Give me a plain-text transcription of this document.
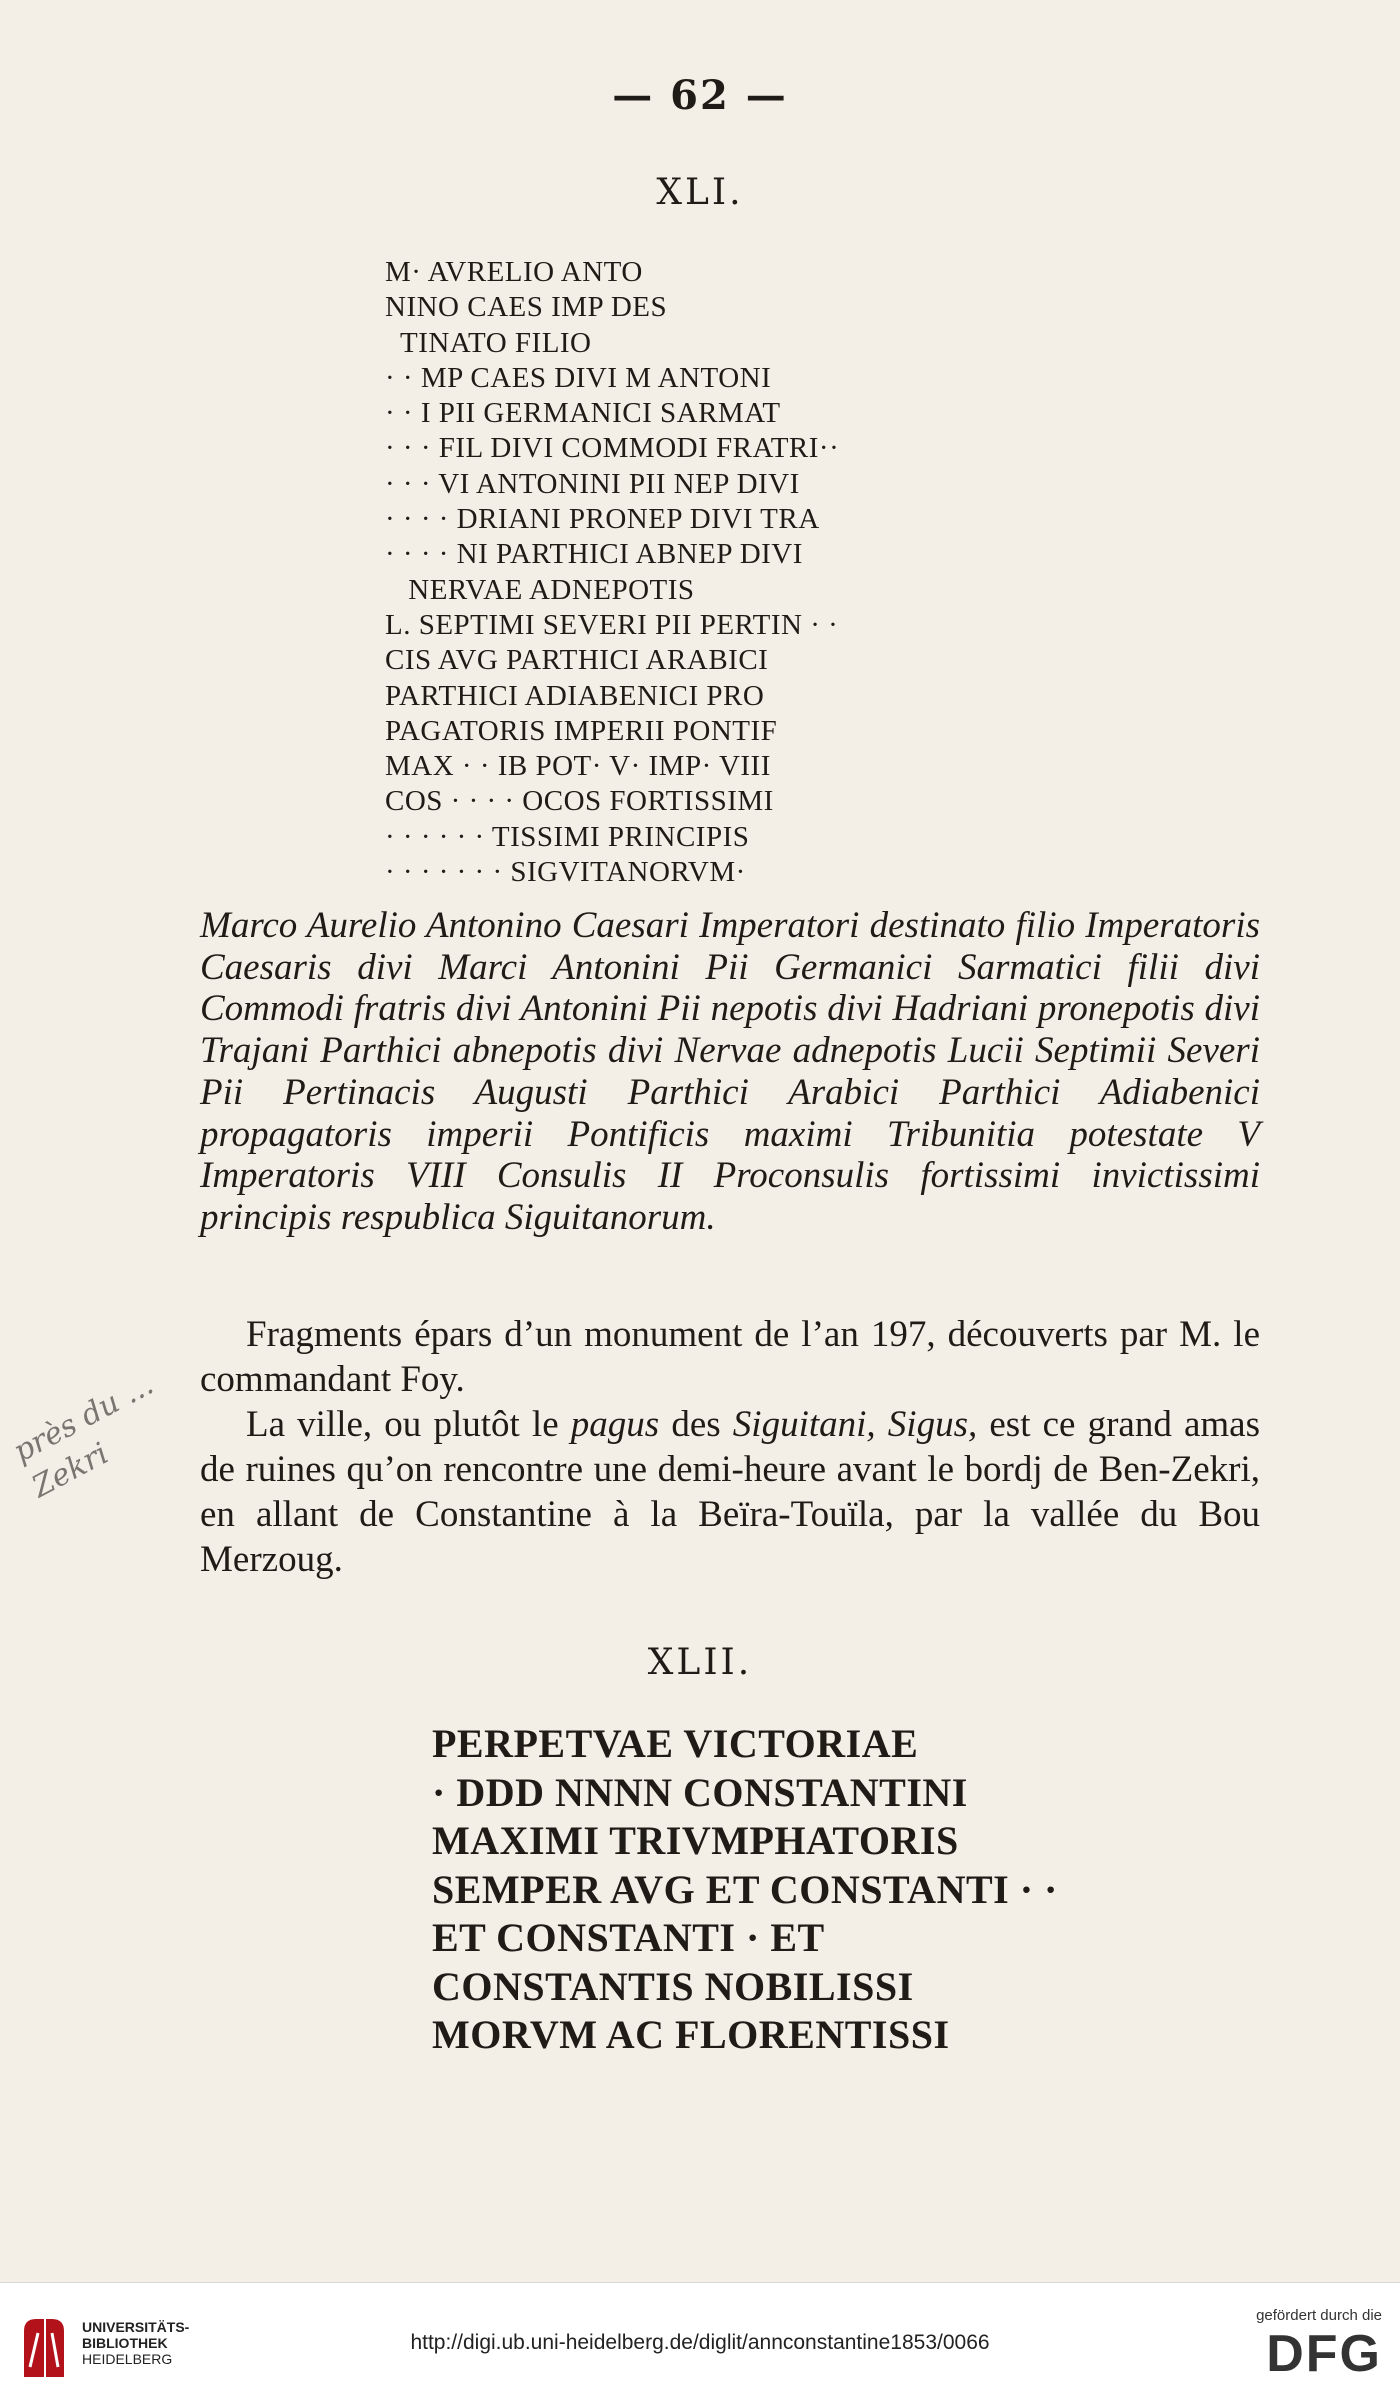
— 62 —
XLI.
M· AVRELIO ANTO
NINO CAES IMP DES
TINATO FILIO
· · MP CAES DIVI M ANTONI
· · I PII GERMANICI SARMAT
· · · FIL DIVI COMMODI FRATRI··
· · · VI ANTONINI PII NEP DIVI
· · · · DRIANI PRONEP DIVI TRA
· · · · NI PARTHICI ABNEP DIVI
NERVAE ADNEPOTIS
L. SEPTIMI SEVERI PII PERTIN · ·
CIS AVG PARTHICI ARABICI
PARTHICI ADIABENICI PRO
PAGATORIS IMPERII PONTIF
MAX · · IB POT· V· IMP· VIII
COS · · · · OCOS FORTISSIMI
· · · · · · TISSIMI PRINCIPIS
· · · · · · · SIGVITANORVM·
Marco Aurelio Antonino Caesari Imperatori destinato filio Imperatoris Caesaris divi Marci Antonini Pii Germanici Sarmatici filii divi Commodi fratris divi Antonini Pii nepotis divi Hadriani pronepotis divi Trajani Parthici abnepotis divi Nervae adnepotis Lucii Septimii Severi Pii Pertinacis Augusti Parthici Arabici Parthici Adiabenici propagatoris imperii Pontificis maximi Tribunitia potestate V Imperatoris VIII Consulis II Proconsulis fortissimi invictissimi principis respublica Siguitanorum.
Fragments épars d’un monument de l’an 197, découverts par M. le commandant Foy.
La ville, ou plutôt le pagus des Siguitani, Sigus, est ce grand amas de ruines qu’on rencontre une demi-heure avant le bordj de Ben-Zekri, en allant de Constantine à la Beïra-Touïla, par la vallée du Bou Merzoug.
près du ... Zekri
XLII.
PERPETVAE VICTORIAE
· DDD NNNN CONSTANTINI
MAXIMI TRIVMPHATORIS
SEMPER AVG ET CONSTANTI · ·
ET CONSTANTI · ET
CONSTANTIS NOBILISSI
MORVM AC FLORENTISSI
UNIVERSITÄTS-
BIBLIOTHEK
HEIDELBERG
http://digi.ub.uni-heidelberg.de/diglit/annconstantine1853/0066
gefördert durch die
DFG
